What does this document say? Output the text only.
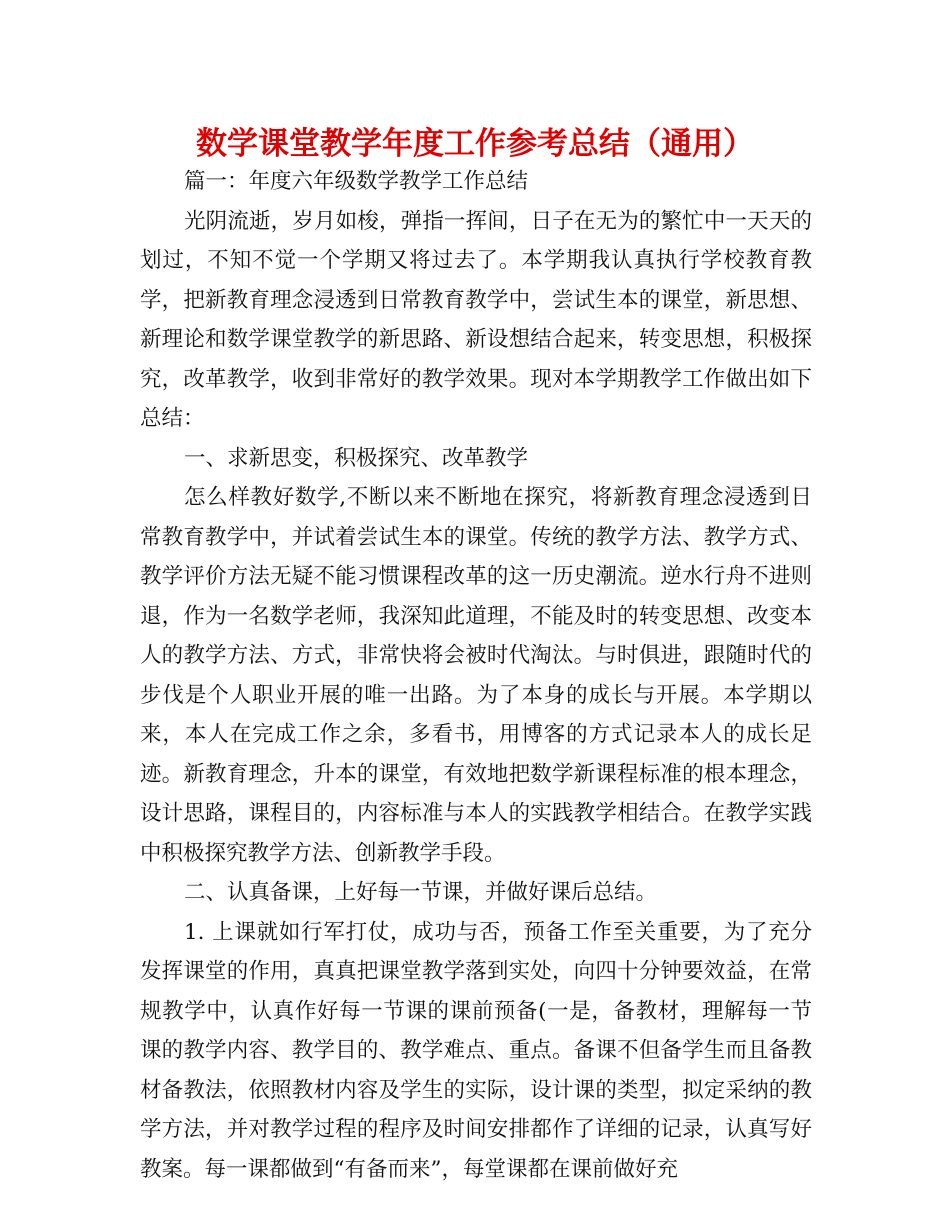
数学课堂教学年度工作参考总结（通用）

篇一：年度六年级数学教学工作总结

光阴流逝，岁月如梭，弹指一挥间，日子在无为的繁忙中一天天的划过，不知不觉一个学期又将过去了。本学期我认真执行学校教育教学，把新教育理念浸透到日常教育教学中，尝试生本的课堂，新思想、新理论和数学课堂教学的新思路、新设想结合起来，转变思想，积极探究，改革教学，收到非常好的教学效果。现对本学期教学工作做出如下总结：

一、求新思变，积极探究、改革教学

怎么样教好数学,不断以来不断地在探究，将新教育理念浸透到日常教育教学中，并试着尝试生本的课堂。传统的教学方法、教学方式、教学评价方法无疑不能习惯课程改革的这一历史潮流。逆水行舟不进则退，作为一名数学老师，我深知此道理，不能及时的转变思想、改变本人的教学方法、方式，非常快将会被时代淘汰。与时俱进，跟随时代的步伐是个人职业开展的唯一出路。为了本身的成长与开展。本学期以来，本人在完成工作之余，多看书，用博客的方式记录本人的成长足迹。新教育理念，升本的课堂，有效地把数学新课程标准的根本理念，设计思路，课程目的，内容标准与本人的实践教学相结合。在教学实践中积极探究教学方法、创新教学手段。

二、认真备课，上好每一节课，并做好课后总结。

1. 上课就如行军打仗，成功与否，预备工作至关重要，为了充分发挥课堂的作用，真真把课堂教学落到实处，向四十分钟要效益，在常规教学中，认真作好每一节课的课前预备(一是，备教材，理解每一节课的教学内容、教学目的、教学难点、重点。备课不但备学生而且备教材备教法，依照教材内容及学生的实际，设计课的类型，拟定采纳的教学方法，并对教学过程的程序及时间安排都作了详细的记录，认真写好教案。每一课都做到“有备而来”，每堂课都在课前做好充
